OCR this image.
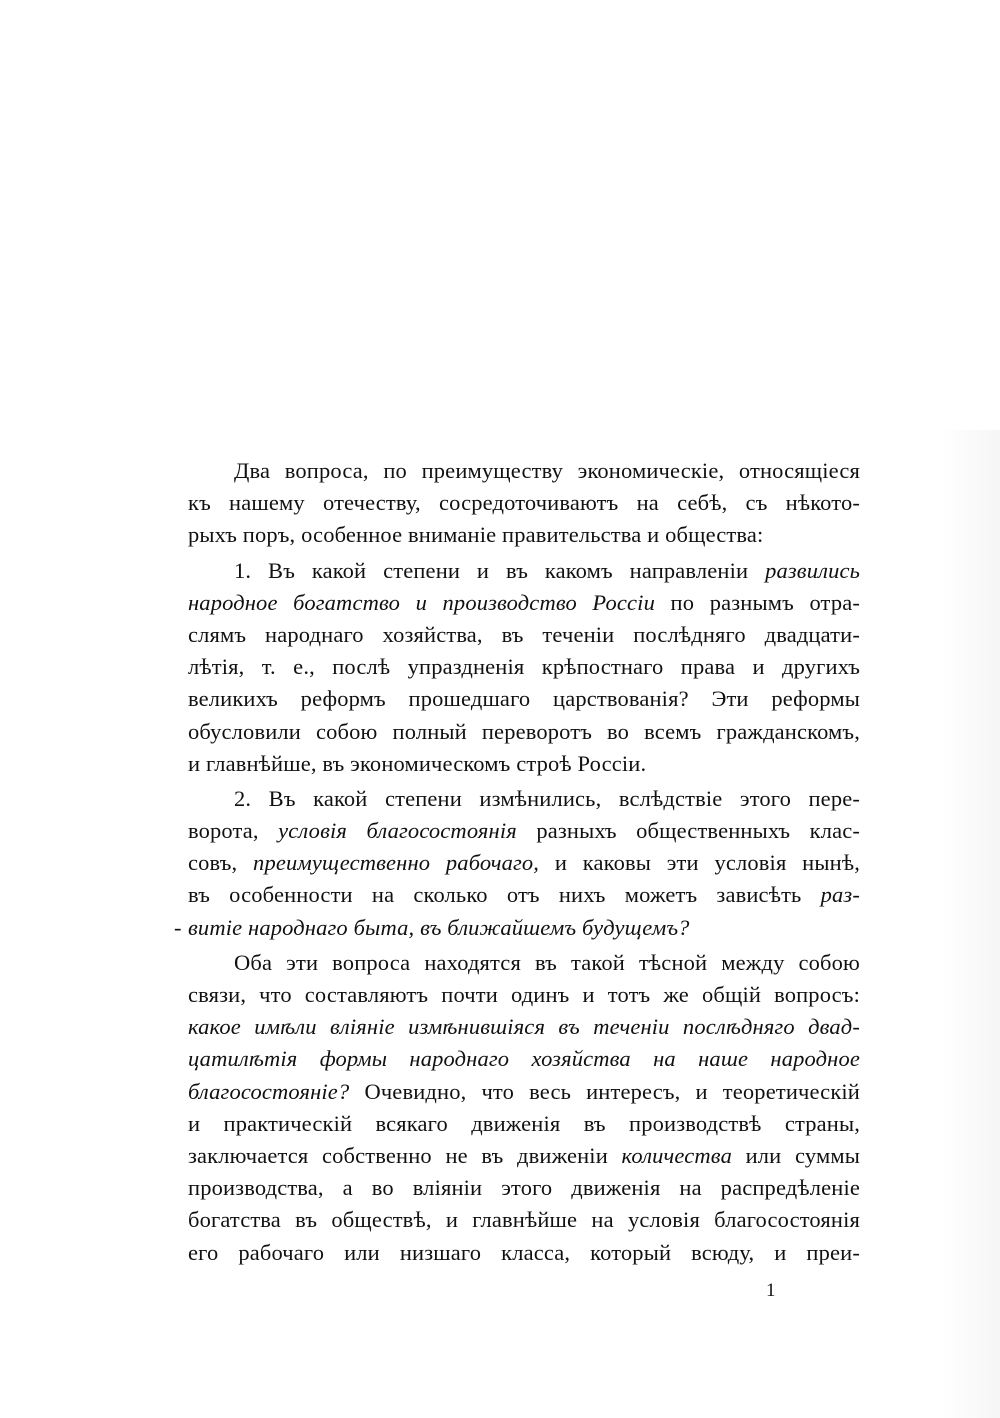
Два вопроса, по преимуществу экономическіе, относящіеся
къ нашему отечеству, сосредоточиваютъ на себѣ, съ нѣкото-
рыхъ поръ, особенное вниманіе правительства и общества:
1. Въ какой степени и въ какомъ направленіи развились
народное богатство и производство Россіи по разнымъ отра-
слямъ народнаго хозяйства, въ теченіи послѣдняго двадцати-
лѣтія, т. е., послѣ упраздненія крѣпостнаго права и другихъ
великихъ реформъ прошедшаго царствованія? Эти реформы
обусловили собою полный переворотъ во всемъ гражданскомъ,
и главнѣйше, въ экономическомъ строѣ Россіи.
2. Въ какой степени измѣнились, вслѣдствіе этого пере-
ворота, условія благосостоянія разныхъ общественныхъ клас-
совъ, преимущественно рабочаго, и каковы эти условія нынѣ,
въ особенности на сколько отъ нихъ можетъ зависѣть раз-
- витіе народнаго быта, въ ближайшемъ будущемъ?
Оба эти вопроса находятся въ такой тѣсной между собою
связи, что составляютъ почти одинъ и тотъ же общій вопросъ:
какое имѣли вліяніе измѣнившіяся въ теченіи послѣдняго двад-
цатилѣтія формы народнаго хозяйства на наше народное
благосостояніе? Очевидно, что весь интересъ, и теоретическій
и практическій всякаго движенія въ производствѣ страны,
заключается собственно не въ движеніи количества или суммы
производства, а во вліяніи этого движенія на распредѣленіе
богатства въ обществѣ, и главнѣйше на условія благосостоянія
его рабочаго или низшаго класса, который всюду, и преи-
1
